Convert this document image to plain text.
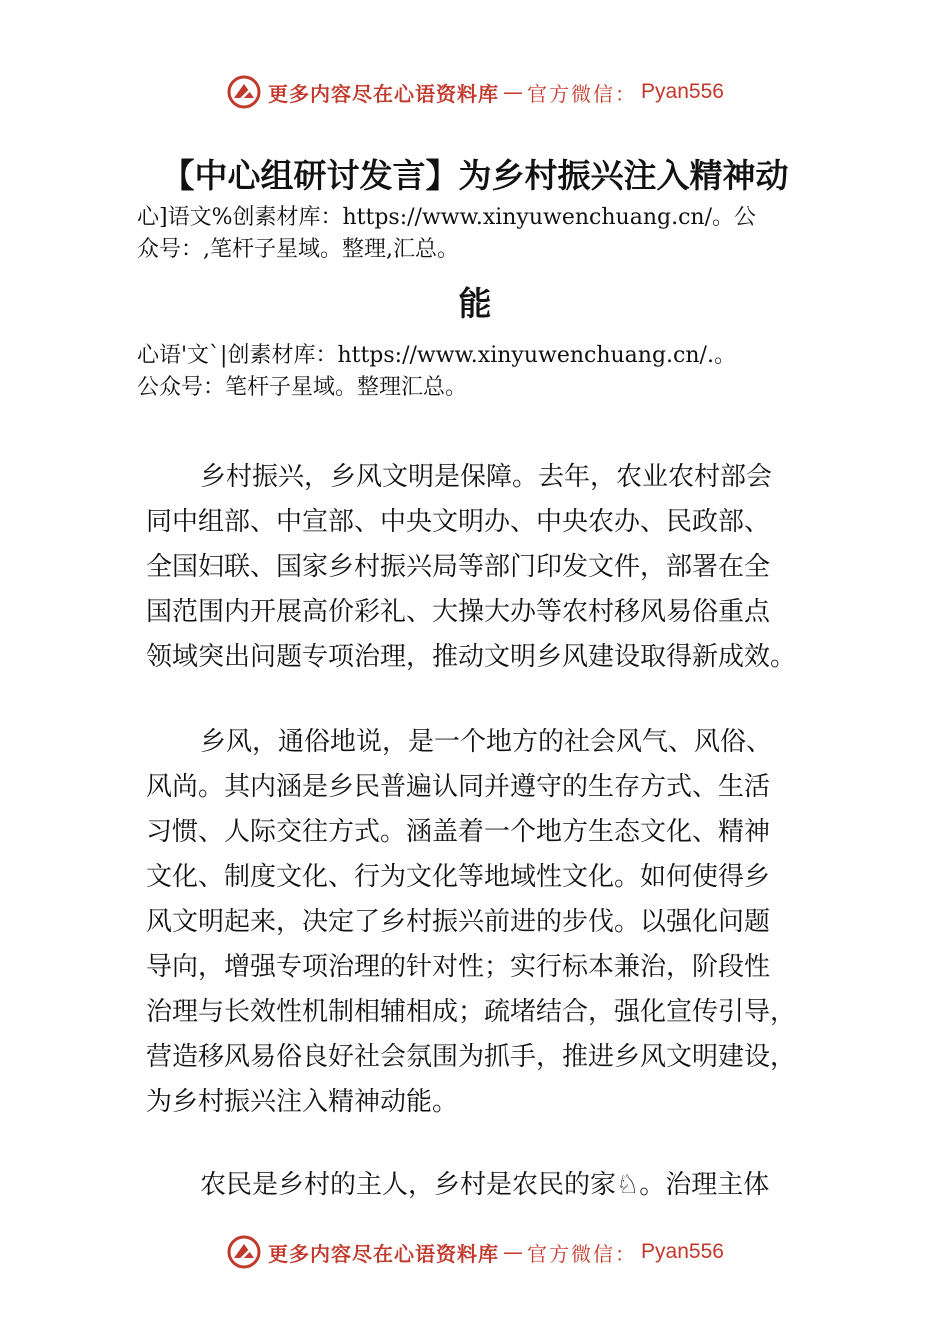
更多内容尽在心语资料库 — 官方微信： Pyan556
【中心组研讨发言】为乡村振兴注入精神动
心]语文%创素材库：https://www.xinyuwenchuang.cn/。公
众号：,笔杆子星域。整理,汇总。
能
心语'文`|创素材库：https://www.xinyuwenchuang.cn/.。
公众号：笔杆子星域。整理汇总。
乡村振兴，乡风文明是保障。去年，农业农村部会
同中组部、中宣部、中央文明办、中央农办、民政部、
全国妇联、国家乡村振兴局等部门印发文件，部署在全
国范围内开展高价彩礼、大操大办等农村移风易俗重点
领域突出问题专项治理，推动文明乡风建设取得新成效。
乡风，通俗地说，是一个地方的社会风气、风俗、
风尚。其内涵是乡民普遍认同并遵守的生存方式、生活
习惯、人际交往方式。涵盖着一个地方生态文化、精神
文化、制度文化、行为文化等地域性文化。如何使得乡
风文明起来，决定了乡村振兴前进的步伐。以强化问题
导向，增强专项治理的针对性；实行标本兼治，阶段性
治理与长效性机制相辅相成；疏堵结合，强化宣传引导，
营造移风易俗良好社会氛围为抓手，推进乡风文明建设，
为乡村振兴注入精神动能。
农民是乡村的主人，乡村是农民的家♘。治理主体
更多内容尽在心语资料库 — 官方微信： Pyan556
